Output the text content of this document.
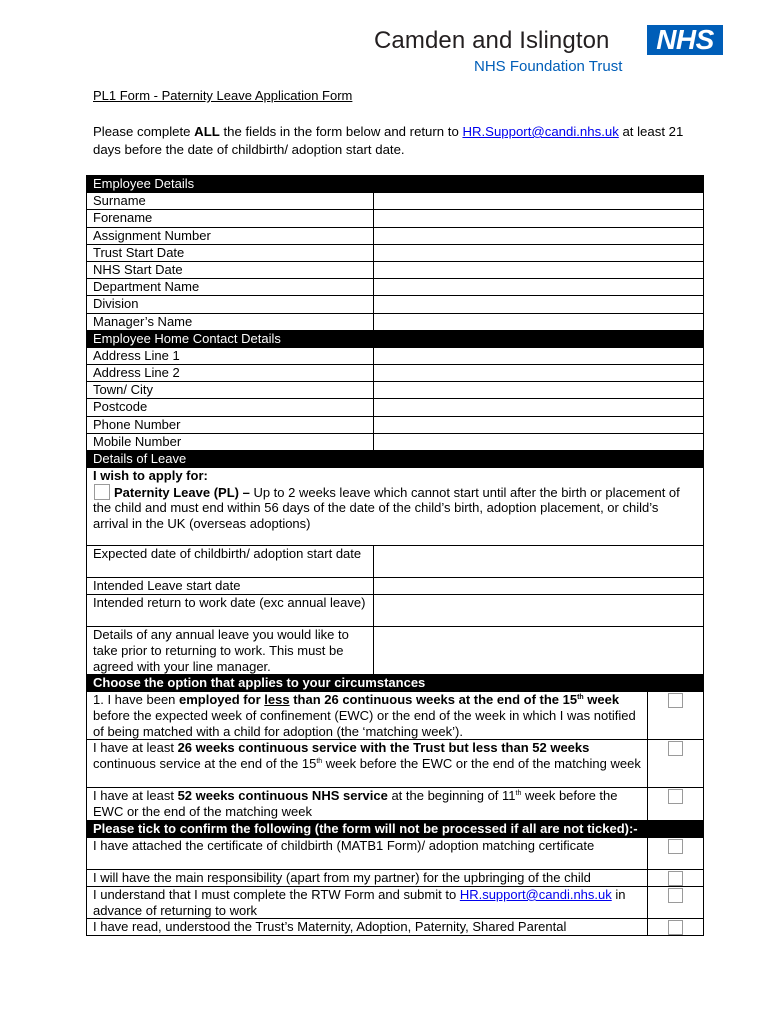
Camden and Islington	NHS
NHS Foundation Trust
PL1 Form - Paternity Leave Application Form
Please complete ALL the fields in the form below and return to HR.Support@candi.nhs.uk at least 21 days before the date of childbirth/ adoption start date.
Employee Details		
Surname		
Forename		
Assignment Number		
Trust Start Date		
NHS Start Date		
Department Name		
Division		
Manager’s Name		
Employee Home Contact Details		
Address Line 1		
Address Line 2		
Town/ City		
Postcode		
Phone Number		
Mobile Number		
Details of Leave		

I wish to apply for:
Paternity Leave (PL) – Up to 2 weeks leave which cannot start until after the birth or placement of the child and must end within 56 days of the date of the child’s birth, adoption placement, or child’s arrival in the UK (overseas adoptions)		

Expected date of childbirth/ adoption start date		
Intended Leave start date		
Intended return to work date (exc annual leave)		
Details of any annual leave you would like to take prior to returning to work. This must be agreed with your line manager.		
Choose the option that applies to your circumstances		
1. I have been employed for less than 26 continuous weeks at the end of the 15th week before the expected week of confinement (EWC) or the end of the week in which I was notified of being matched with a child for adoption (the ‘matching week’).		
I have at least 26 weeks continuous service with the Trust but less than 52 weeks continuous service at the end of the 15th week before the EWC or the end of the matching week		
I have at least 52 weeks continuous NHS service at the beginning of 11th week before the EWC or the end of the matching week		
Please tick to confirm the following (the form will not be processed if all are not ticked):-		
I have attached the certificate of childbirth (MATB1 Form)/ adoption matching certificate		
I will have the main responsibility (apart from my partner) for the upbringing of the child		
I understand that I must complete the RTW Form and submit to HR.support@candi.nhs.uk in advance of returning to work		
I have read, understood the Trust’s Maternity, Adoption, Paternity, Shared Parental		
